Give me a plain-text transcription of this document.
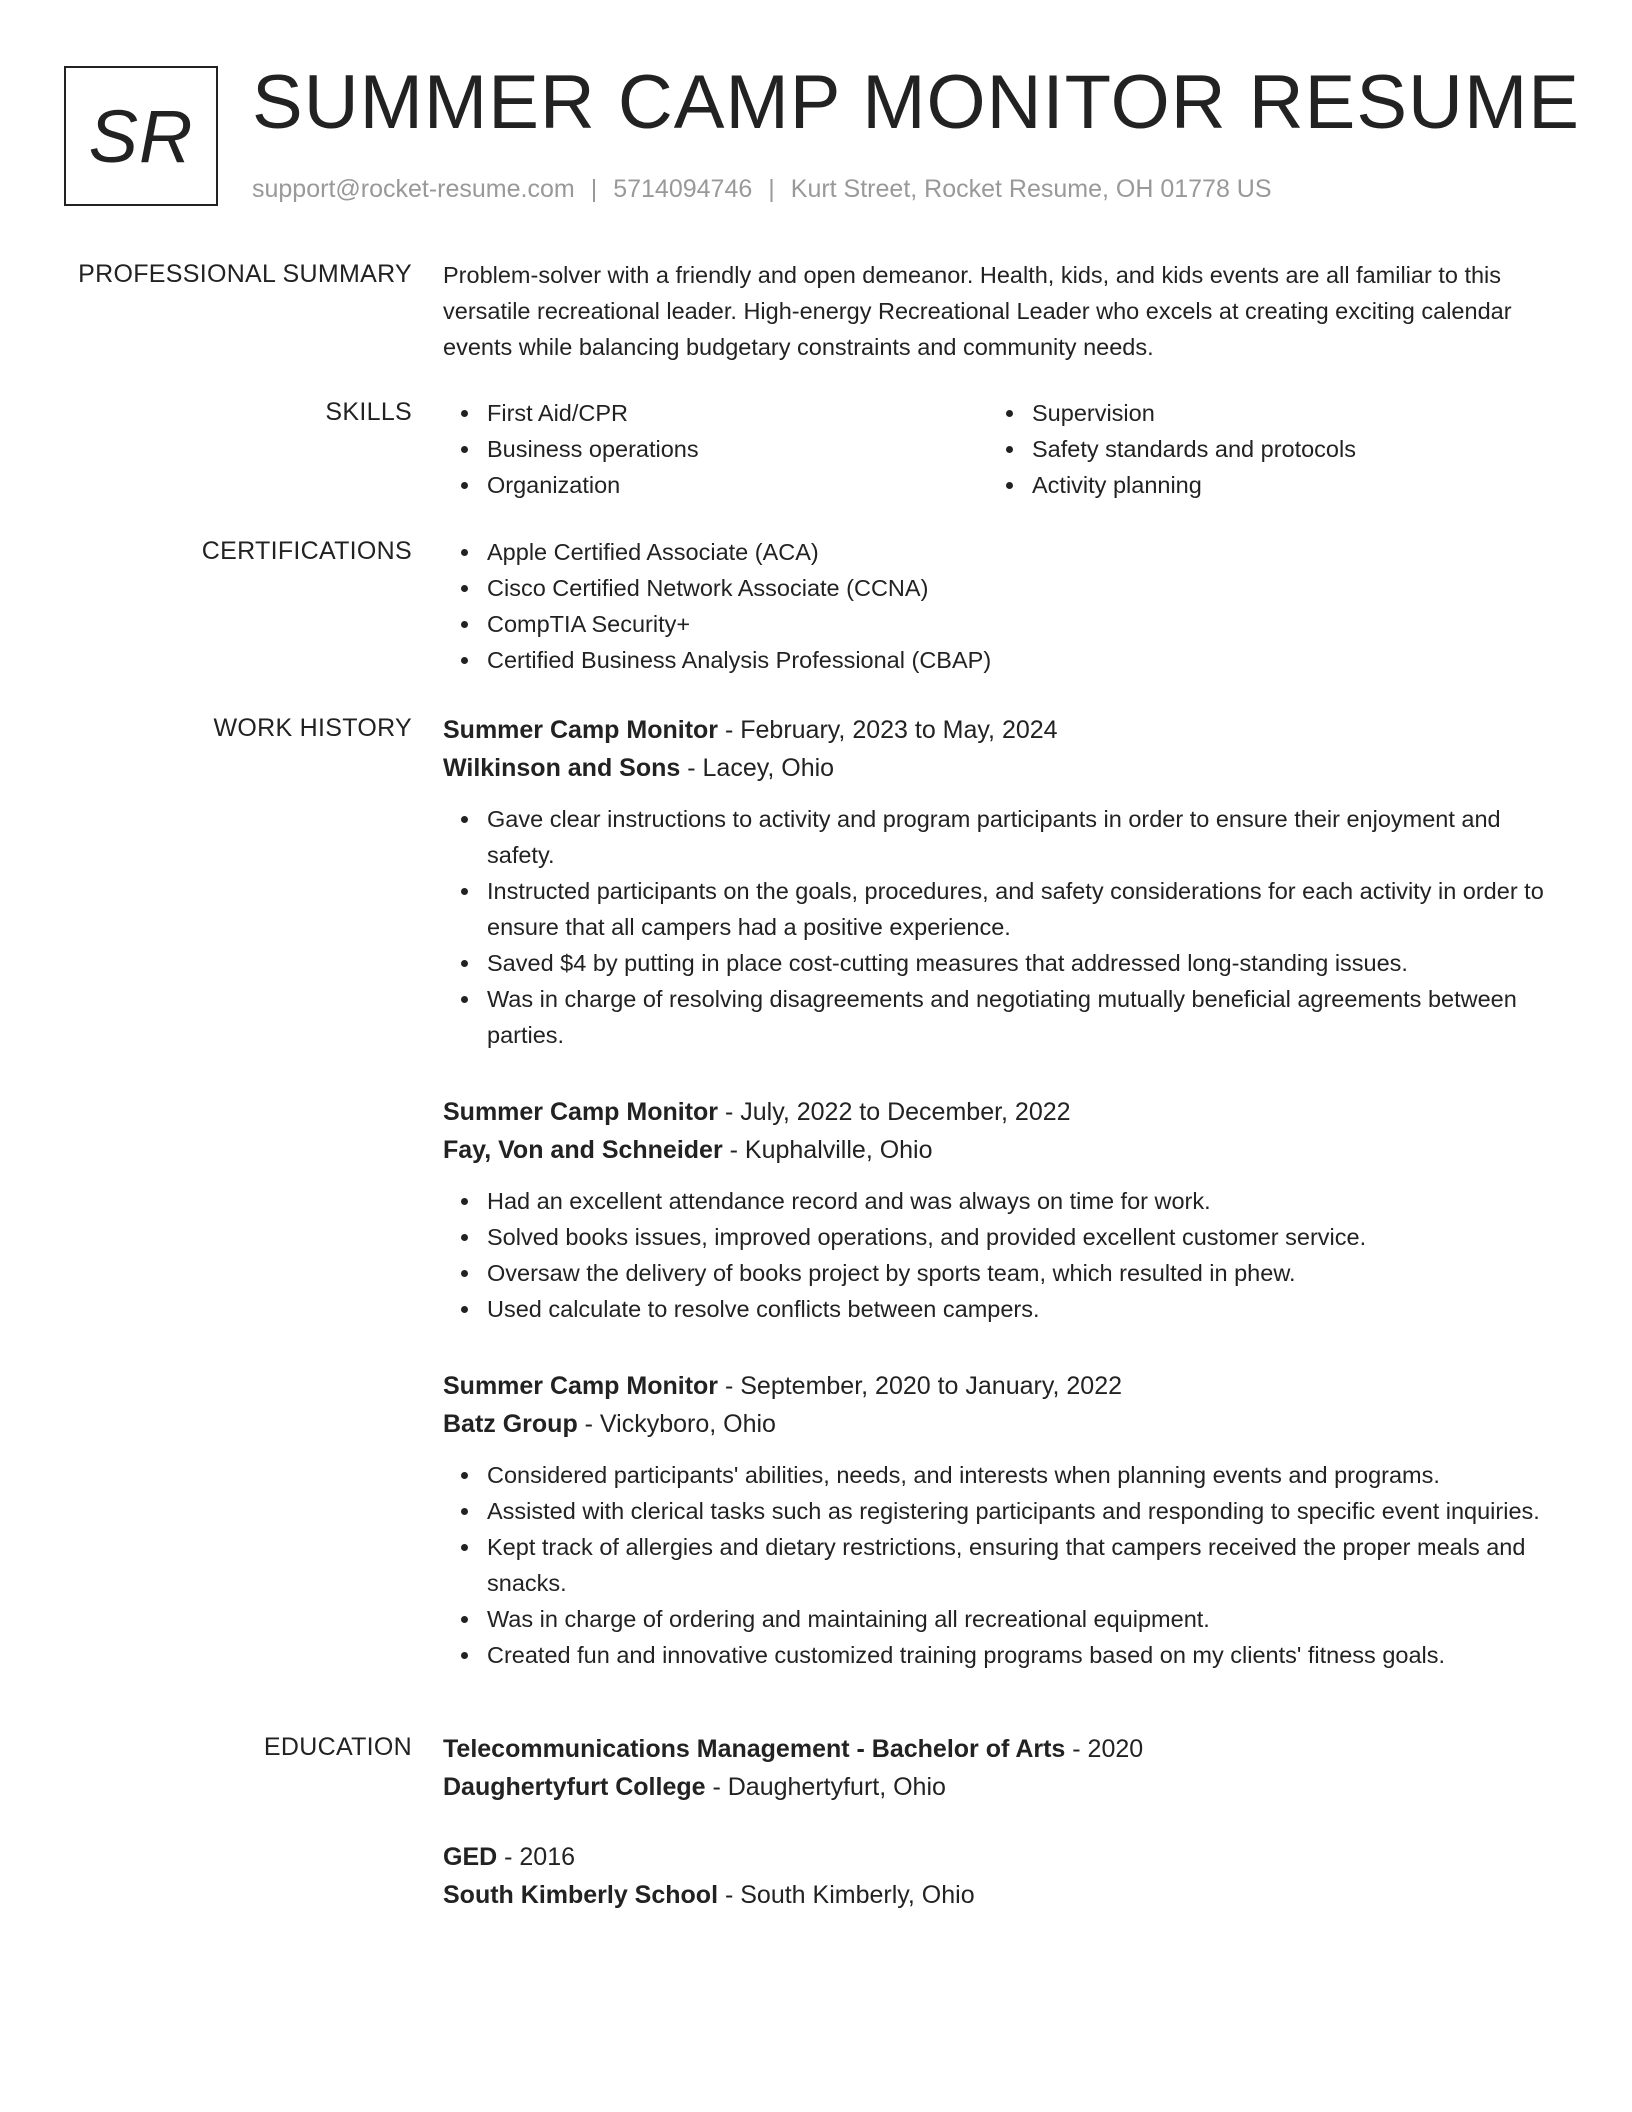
SR SUMMER CAMP MONITOR RESUME
support@rocket-resume.com | 5714094746 | Kurt Street, Rocket Resume, OH 01778 US
PROFESSIONAL SUMMARY Problem-solver with a friendly and open demeanor. Health, kids, and kids events are all familiar to this versatile recreational leader. High-energy Recreational Leader who excels at creating exciting calendar events while balancing budgetary constraints and community needs.

SKILLS	First Aid/CPR
Business operations
Organization
Supervision
Safety standards and protocols
Activity planning
CERTIFICATIONS	Apple Certified Associate (ACA)
Cisco Certified Network Associate (CCNA)
CompTIA Security+
Certified Business Analysis Professional (CBAP)
WORK HISTORY Summer Camp Monitor - February, 2023 to May, 2024
Wilkinson and Sons - Lacey, Ohio
Gave clear instructions to activity and program participants in order to ensure their enjoyment and safety.
Instructed participants on the goals, procedures, and safety considerations for each activity in order to ensure that all campers had a positive experience.
Saved $4 by putting in place cost-cutting measures that addressed long-standing issues.
Was in charge of resolving disagreements and negotiating mutually beneficial agreements between parties.
Summer Camp Monitor - July, 2022 to December, 2022
Fay, Von and Schneider - Kuphalville, Ohio
Had an excellent attendance record and was always on time for work.
Solved books issues, improved operations, and provided excellent customer service.
Oversaw the delivery of books project by sports team, which resulted in phew.
Used calculate to resolve conflicts between campers.
Summer Camp Monitor - September, 2020 to January, 2022
Batz Group - Vickyboro, Ohio
Considered participants' abilities, needs, and interests when planning events and programs.
Assisted with clerical tasks such as registering participants and responding to specific event inquiries.
Kept track of allergies and dietary restrictions, ensuring that campers received the proper meals and snacks.
Was in charge of ordering and maintaining all recreational equipment.
Created fun and innovative customized training programs based on my clients' fitness goals.
EDUCATION Telecommunications Management - Bachelor of Arts - 2020
Daughertyfurt College - Daughertyfurt, Ohio
GED - 2016
South Kimberly School - South Kimberly, Ohio
